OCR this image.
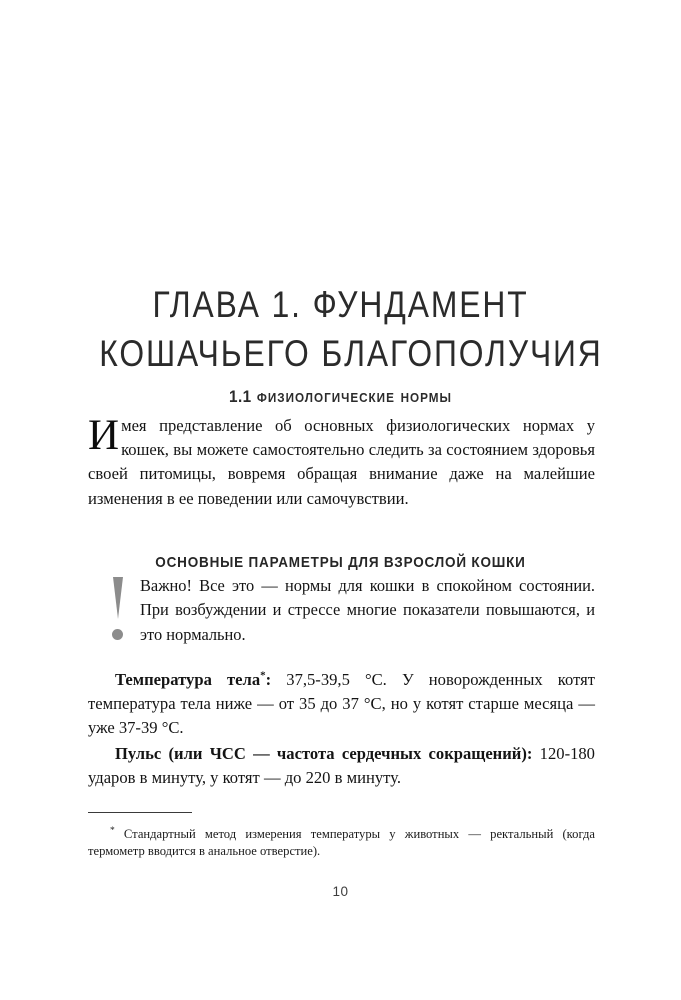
ГЛАВА 1. ФУНДАМЕНТ
КОШАЧЬЕГО БЛАГОПОЛУЧИЯ
1.1 физиологические нормы

Имея представление об основных физиологических нормах у кошек, вы можете самостоятельно следить за состоянием здоровья своей питомицы, вовремя обращая внимание даже на малейшие изменения в ее поведении или самочувствии.

ОСНОВНЫЕ ПАРАМЕТРЫ ДЛЯ ВЗРОСЛОЙ КОШКИ

Важно! Все это — нормы для кошки в спокойном состоянии. При возбуждении и стрессе многие показатели повышаются, и это нормально.

Температура тела*: 37,5-39,5 °C. У новорожденных котят температура тела ниже — от 35 до 37 °C, но у котят старше месяца — уже 37-39 °C.

Пульс (или ЧСС — частота сердечных сокращений): 120-180 ударов в минуту, у котят — до 220 в минуту.

* Стандартный метод измерения температуры у животных — ректальный (когда термометр вводится в анальное отверстие).

10
